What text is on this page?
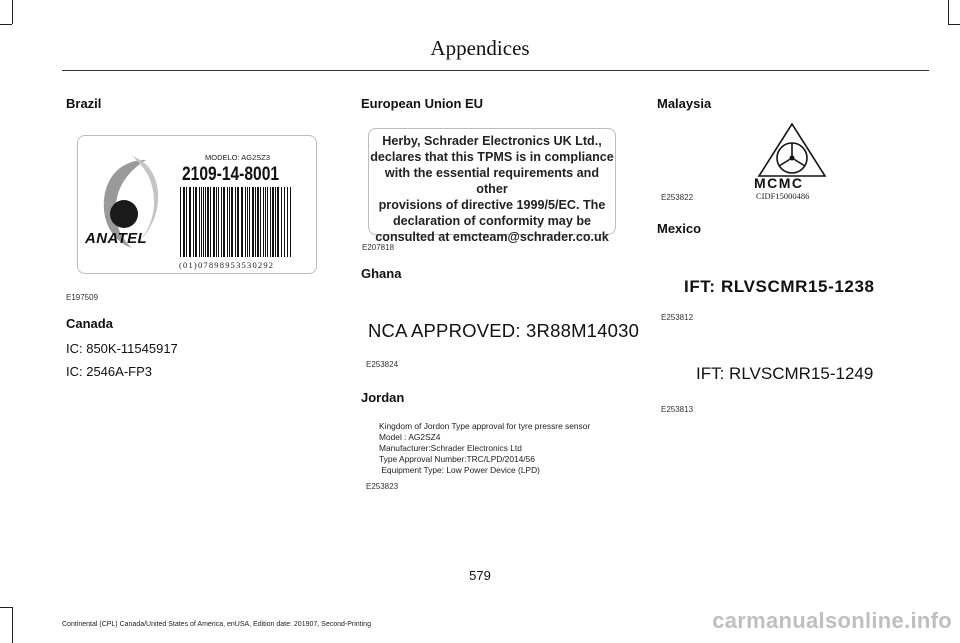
Appendices
Brazil
ANATEL
MODELO: AG2SZ3
2109-14-8001
(01)07898953530292
E197509
Canada
IC: 850K-11545917
IC: 2546A-FP3
European Union EU
Herby, Schrader Electronics UK Ltd.,
declares that this TPMS is in compliance
with the essential requirements and other
provisions of directive 1999/5/EC. The
declaration of conformity may be
consulted at emcteam@schrader.co.uk
E207818
Ghana
NCA APPROVED: 3R88M14030
E253824
Jordan
Kingdom of Jordon Type approval for tyre pressre sensor
Model : AG2SZ4
Manufacturer:Schrader Electronics Ltd
Type Approval Number:TRC/LPD/2014/56
Equipment Type: Low Power Device (LPD)
E253823
Malaysia
MCMC
CIDF15000486
E253822
Mexico
IFT: RLVSCMR15-1238
E253812
IFT: RLVSCMR15-1249
E253813
579
Continental (CPL) Canada/United States of America, enUSA, Edition date: 201907, Second-Printing	carmanualsonline.info
